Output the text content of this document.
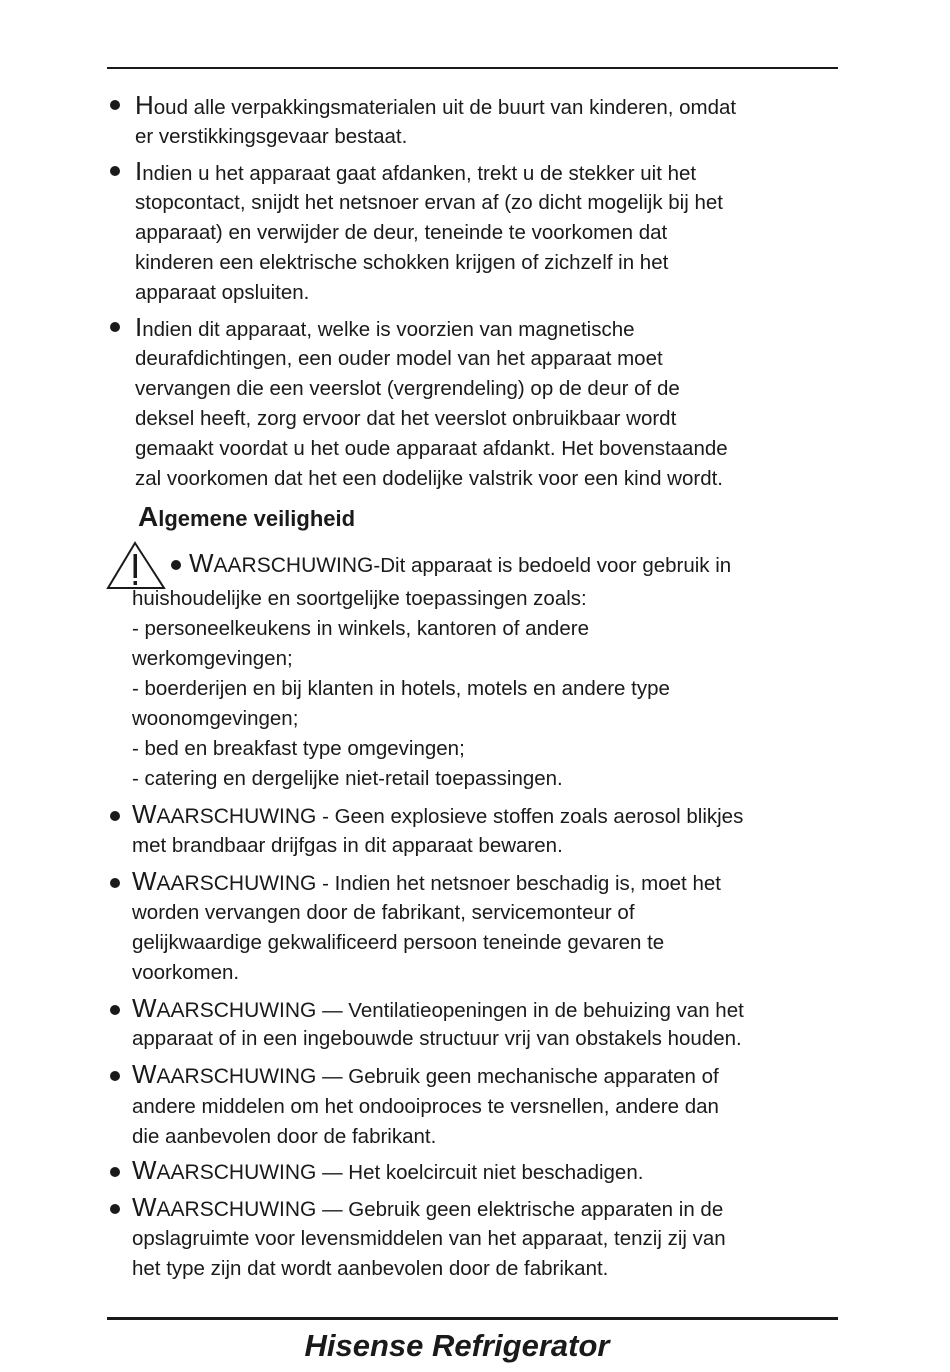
Houd alle verpakkingsmaterialen uit de buurt van kinderen, omdat
er verstikkingsgevaar bestaat.
Indien u het apparaat gaat afdanken, trekt u de stekker uit het
stopcontact, snijdt het netsnoer ervan af (zo dicht mogelijk bij het
apparaat) en verwijder de deur, teneinde te voorkomen dat
kinderen een elektrische schokken krijgen of zichzelf in het
apparaat opsluiten.
Indien dit apparaat, welke is voorzien van magnetische
deurafdichtingen, een ouder model van het apparaat moet
vervangen die een veerslot (vergrendeling) op de deur of de
deksel heeft, zorg ervoor dat het veerslot onbruikbaar wordt
gemaakt voordat u het oude apparaat afdankt. Het bovenstaande
zal voorkomen dat het een dodelijke valstrik voor een kind wordt.
Algemene veiligheid
WAARSCHUWING-Dit apparaat is bedoeld voor gebruik in
huishoudelijke en soortgelijke toepassingen zoals:
- personeelkeukens in winkels, kantoren of andere
werkomgevingen;
- boerderijen en bij klanten in hotels, motels en andere type
woonomgevingen;
- bed en breakfast type omgevingen;
- catering en dergelijke niet-retail toepassingen.
WAARSCHUWING - Geen explosieve stoffen zoals aerosol blikjes
met brandbaar drijfgas in dit apparaat bewaren.
WAARSCHUWING - Indien het netsnoer beschadig is, moet het
worden vervangen door de fabrikant, servicemonteur of
gelijkwaardige gekwalificeerd persoon teneinde gevaren te
voorkomen.
WAARSCHUWING — Ventilatieopeningen in de behuizing van het
apparaat of in een ingebouwde structuur vrij van obstakels houden.
WAARSCHUWING — Gebruik geen mechanische apparaten of
andere middelen om het ondooiproces te versnellen, andere dan
die aanbevolen door de fabrikant.
WAARSCHUWING — Het koelcircuit niet beschadigen.
WAARSCHUWING — Gebruik geen elektrische apparaten in de
opslagruimte voor levensmiddelen van het apparaat, tenzij zij van
het type zijn dat wordt aanbevolen door de fabrikant.
Hisense Refrigerator
